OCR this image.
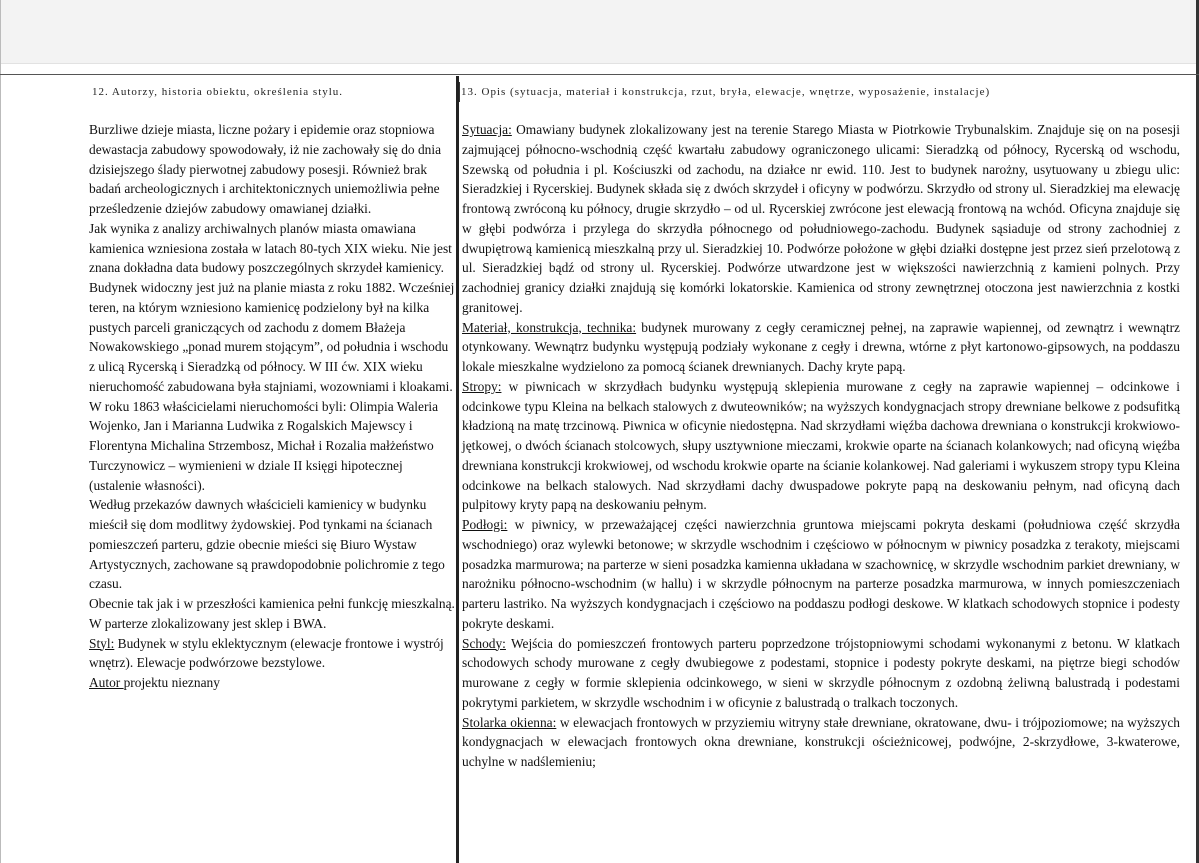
12. Autorzy, historia obiektu, określenia stylu.	13. Opis (sytuacja, materiał i konstrukcja, rzut, bryła, elewacje, wnętrze, wyposażenie, instalacje)

Burzliwe dzieje miasta, liczne pożary i epidemie oraz stopniowa dewastacja zabudowy spowodowały, iż nie zachowały się do dnia dzisiejszego ślady pierwotnej zabudowy posesji. Również brak badań archeologicznych i architektonicznych uniemożliwia pełne prześledzenie dziejów zabudowy omawianej działki.

Jak wynika z analizy archiwalnych planów miasta omawiana kamienica wzniesiona została w latach 80-tych XIX wieku. Nie jest znana dokładna data budowy poszczególnych skrzydeł kamienicy. Budynek widoczny jest już na planie miasta z roku 1882. Wcześniej teren, na którym wzniesiono kamienicę podzielony był na kilka pustych parceli graniczących od zachodu z domem Błażeja Nowakowskiego „ponad murem stojącym”, od południa i wschodu z ulicą Rycerską i Sieradzką od północy. W III ćw. XIX wieku nieruchomość zabudowana była stajniami, wozowniami i kloakami. W roku 1863 właścicielami nieruchomości byli: Olimpia Waleria Wojenko, Jan i Marianna Ludwika z Rogalskich Majewscy i Florentyna Michalina Strzembosz, Michał i Rozalia małżeństwo Turczynowicz – wymienieni w dziale II księgi hipotecznej (ustalenie własności).

Według przekazów dawnych właścicieli kamienicy w budynku mieścił się dom modlitwy żydowskiej. Pod tynkami na ścianach pomieszczeń parteru, gdzie obecnie mieści się Biuro Wystaw Artystycznych, zachowane są prawdopodobnie polichromie z tego czasu.

Obecnie tak jak i w przeszłości kamienica pełni funkcję mieszkalną. W parterze zlokalizowany jest sklep i BWA.

Styl: Budynek w stylu eklektycznym (elewacje frontowe i wystrój wnętrz). Elewacje podwórzowe bezstylowe.

Autor projektu nieznany

Sytuacja: Omawiany budynek zlokalizowany jest na terenie Starego Miasta w Piotrkowie Trybunalskim. Znajduje się on na posesji zajmującej północno-wschodnią część kwartału zabudowy ograniczonego ulicami: Sieradzką od północy, Rycerską od wschodu, Szewską od południa i pl. Kościuszki od zachodu, na działce nr ewid. 110. Jest to budynek narożny, usytuowany u zbiegu ulic: Sieradzkiej i Rycerskiej. Budynek składa się z dwóch skrzydeł i oficyny w podwórzu. Skrzydło od strony ul. Sieradzkiej ma elewację frontową zwróconą ku północy, drugie skrzydło – od ul. Rycerskiej zwrócone jest elewacją frontową na wchód. Oficyna znajduje się w głębi podwórza i przylega do skrzydła północnego od południowego-zachodu. Budynek sąsiaduje od strony zachodniej z dwupiętrową kamienicą mieszkalną przy ul. Sieradzkiej 10. Podwórze położone w głębi działki dostępne jest przez sień przelotową z ul. Sieradzkiej bądź od strony ul. Rycerskiej. Podwórze utwardzone jest w większości nawierzchnią z kamieni polnych. Przy zachodniej granicy działki znajdują się komórki lokatorskie. Kamienica od strony zewnętrznej otoczona jest nawierzchnia z kostki granitowej.

Materiał, konstrukcja, technika: budynek murowany z cegły ceramicznej pełnej, na zaprawie wapiennej, od zewnątrz i wewnątrz otynkowany. Wewnątrz budynku występują podziały wykonane z cegły i drewna, wtórne z płyt kartonowo-gipsowych, na poddaszu lokale mieszkalne wydzielono za pomocą ścianek drewnianych. Dachy kryte papą.

Stropy: w piwnicach w skrzydłach budynku występują sklepienia murowane z cegły na zaprawie wapiennej – odcinkowe i odcinkowe typu Kleina na belkach stalowych z dwuteowników; na wyższych kondygnacjach stropy drewniane belkowe z podsufitką kładzioną na matę trzcinową. Piwnica w oficynie niedostępna. Nad skrzydłami więźba dachowa drewniana o konstrukcji krokwiowo-jętkowej, o dwóch ścianach stolcowych, słupy usztywnione mieczami, krokwie oparte na ścianach kolankowych; nad oficyną więźba drewniana konstrukcji krokwiowej, od wschodu krokwie oparte na ścianie kolankowej. Nad galeriami i wykuszem stropy typu Kleina odcinkowe na belkach stalowych. Nad skrzydłami dachy dwuspadowe pokryte papą na deskowaniu pełnym, nad oficyną dach pulpitowy kryty papą na deskowaniu pełnym.

Podłogi: w piwnicy, w przeważającej części nawierzchnia gruntowa miejscami pokryta deskami (południowa część skrzydła wschodniego) oraz wylewki betonowe; w skrzydle wschodnim i częściowo w północnym w piwnicy posadzka z terakoty, miejscami posadzka marmurowa; na parterze w sieni posadzka kamienna układana w szachownicę, w skrzydle wschodnim parkiet drewniany, w narożniku północno-wschodnim (w hallu) i w skrzydle północnym na parterze posadzka marmurowa, w innych pomieszczeniach parteru lastriko. Na wyższych kondygnacjach i częściowo na poddaszu podłogi deskowe. W klatkach schodowych stopnice i podesty pokryte deskami.

Schody: Wejścia do pomieszczeń frontowych parteru poprzedzone trójstopniowymi schodami wykonanymi z betonu. W klatkach schodowych schody murowane z cegły dwubiegowe z podestami, stopnice i podesty pokryte deskami, na piętrze biegi schodów murowane z cegły w formie sklepienia odcinkowego, w sieni w skrzydle północnym z ozdobną żeliwną balustradą i podestami pokrytymi parkietem, w skrzydle wschodnim i w oficynie z balustradą o tralkach toczonych.

Stolarka okienna: w elewacjach frontowych w przyziemiu witryny stałe drewniane, okratowane, dwu- i trójpoziomowe; na wyższych kondygnacjach w elewacjach frontowych okna drewniane, konstrukcji ościeżnicowej, podwójne, 2-skrzydłowe, 3-kwaterowe, uchylne w nadślemieniu;
